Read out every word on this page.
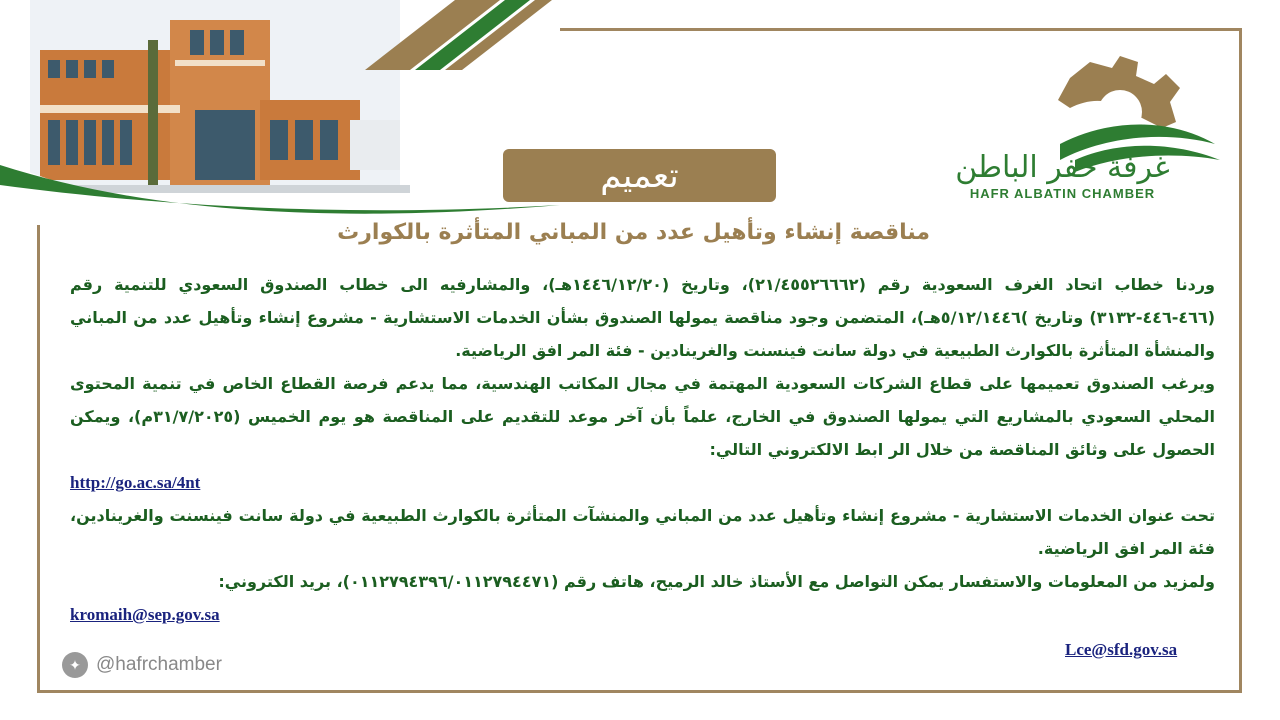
غرفة حفر الباطن
HAFR ALBATIN CHAMBER
تعميم
مناقصة إنشاء وتأهيل عدد من المباني المتأثرة بالكوارث

وردنا خطاب اتحاد الغرف السعودية رقم (٢١/٤٥٥٢٦٦٦٢)، وتاريخ (١٤٤٦/١٢/٢٠هـ)، والمشارفيه الى خطاب الصندوق السعودي للتنمية رقم (٤٦٦-٤٤٦-٣١٣٢) وتاريخ )٥/١٢/١٤٤٦هـ)، المتضمن وجود مناقصة يمولها الصندوق بشأن الخدمات الاستشارية - مشروع إنشاء وتأهيل عدد من المباني والمنشأة المتأثرة بالكوارث الطبيعية في دولة سانت فينسنت والغرينادين - فئة المر افق الرياضية.

ويرغب الصندوق تعميمها على قطاع الشركات السعودية المهتمة في مجال المكاتب الهندسية، مما يدعم فرصة القطاع الخاص في تنمية المحتوى المحلي السعودي بالمشاريع التي يمولها الصندوق في الخارج، علماً بأن آخر موعد للتقديم على المناقصة هو يوم الخميس (٣١/٧/٢٠٢٥م)، ويمكن الحصول على وثائق المناقصة من خلال الر ابط الالكتروني التالي:

http://go.ac.sa/4nt

تحت عنوان الخدمات الاستشارية - مشروع إنشاء وتأهيل عدد من المباني والمنشآت المتأثرة بالكوارث الطبيعية في دولة سانت فينسنت والغرينادين، فئة المر افق الرياضية.

ولمزيد من المعلومات والاستفسار يمكن التواصل مع الأستاذ خالد الرميح، هاتف رقم (٠١١٢٧٩٤٣٩٦/٠١١٢٧٩٤٤٧١)، بريد الكتروني:

kromaih@sep.gov.sa

Lce@sfd.gov.sa
✦ @hafrchamber
